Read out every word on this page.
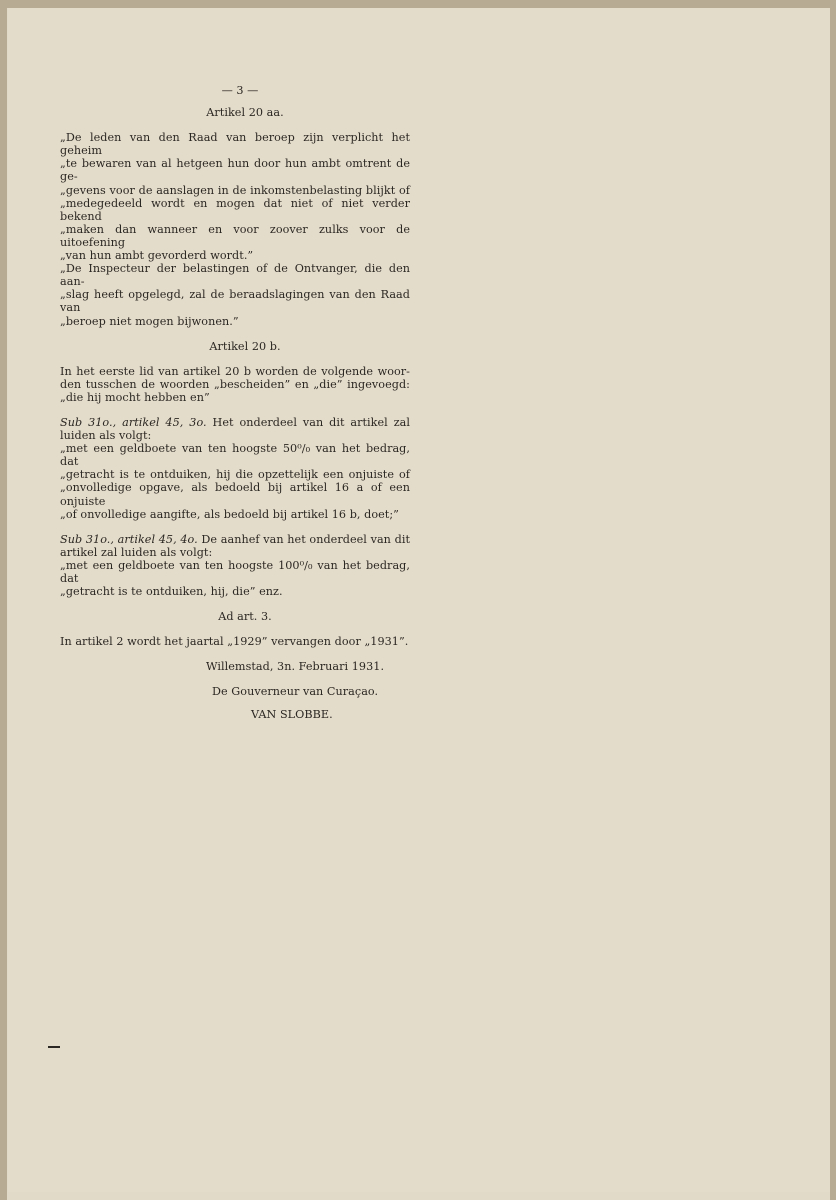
— 3 —

Artikel 20 aa.

„De leden van den Raad van beroep zijn verplicht het geheim

„te bewaren van al hetgeen hun door hun ambt omtrent de ge-

„gevens voor de aanslagen in de inkomstenbelasting blijkt of

„medegedeeld wordt en mogen dat niet of niet verder bekend

„maken dan wanneer en voor zoover zulks voor de uitoefening

„van hun ambt gevorderd wordt.”

„De Inspecteur der belastingen of de Ontvanger, die den aan-

„slag heeft opgelegd, zal de beraadslagingen van den Raad van

„beroep niet mogen bijwonen.”

Artikel 20 b.

In het eerste lid van artikel 20 b worden de volgende woor-

den tusschen de woorden „bescheiden” en „die” ingevoegd:

„die hij mocht hebben en”

Sub 31o., artikel 45, 3o. Het onderdeel van dit artikel zal

luiden als volgt:

„met een geldboete van ten hoogste 50⁰/₀ van het bedrag, dat

„getracht is te ontduiken, hij die opzettelijk een onjuiste of

„onvolledige opgave, als bedoeld bij artikel 16 a of een onjuiste

„of onvolledige aangifte, als bedoeld bij artikel 16 b, doet;”

Sub 31o., artikel 45, 4o. De aanhef van het onderdeel van dit

artikel zal luiden als volgt:

„met een geldboete van ten hoogste 100⁰/₀ van het bedrag, dat

„getracht is te ontduiken, hij, die” enz.

Ad art. 3.

In artikel 2 wordt het jaartal „1929” vervangen door „1931”.

Willemstad, 3n. Februari 1931.

De Gouverneur van Curaçao.

VAN SLOBBE.
